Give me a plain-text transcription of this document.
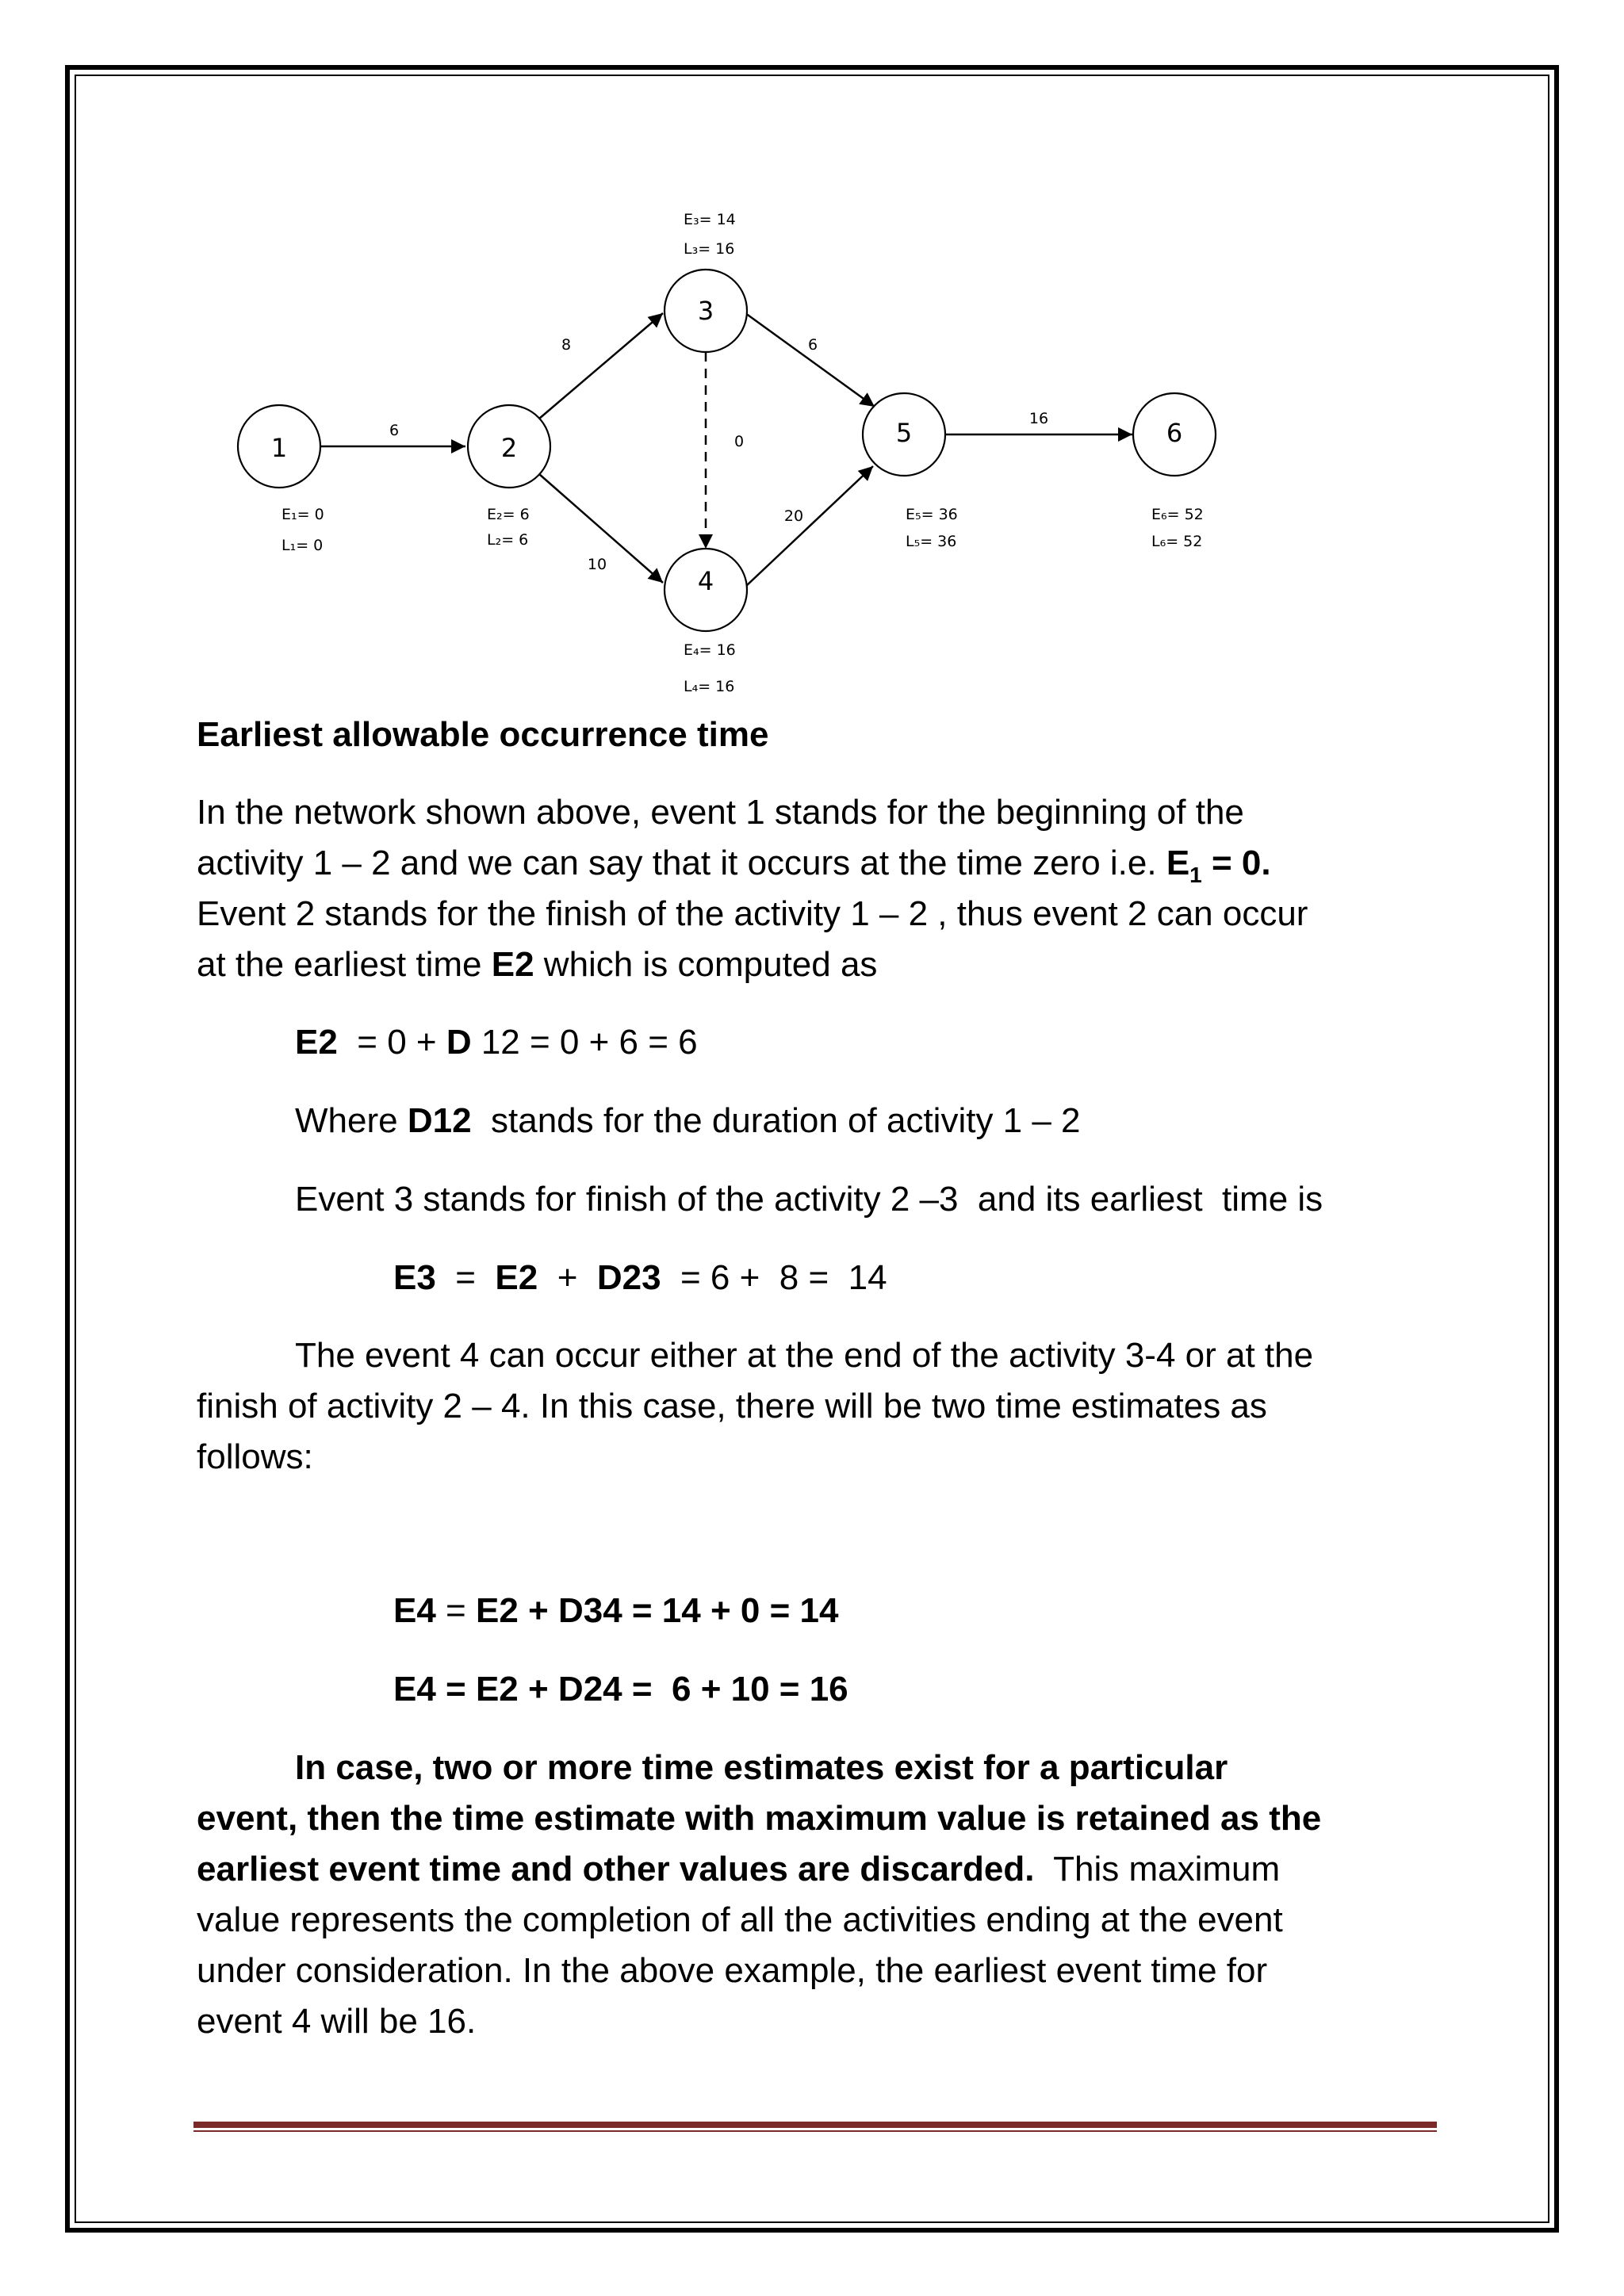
6
8
10
0
6
20
16
1	2
3
4
5	6
E₁= 0
L₁= 0
E₂= 6
L₂= 6
E₃= 14
L₃= 16
E₄= 16
L₄= 16
E₅= 36
L₅= 36
E₆= 52
L₆= 52

Earliest allowable occurrence time

In the network shown above, event 1 stands for the beginning of the

activity 1 – 2 and we can say that it occurs at the time zero i.e. $E_1 = 0$.

Event 2 stands for the finish of the activity 1 – 2 , thus event 2 can occur

at the earliest time E2 which is computed as

E2  = 0 + D 12 = 0 + 6 = 6

Where D12  stands for the duration of activity 1 – 2

Event 3 stands for finish of the activity 2 –3  and its earliest  time is

E3  =  E2  +  D23  = 6 +  8 =  14

The event 4 can occur either at the end of the activity 3-4 or at the

finish of activity 2 – 4. In this case, there will be two time estimates as

follows:

E4 = E2 + D34 = 14 + 0 = 14

E4 = E2 + D24 =  6 + 10 = 16

In case, two or more time estimates exist for a particular

event, then the time estimate with maximum value is retained as the

earliest event time and other values are discarded.  This maximum

value represents the completion of all the activities ending at the event

under consideration. In the above example, the earliest event time for

event 4 will be 16.
